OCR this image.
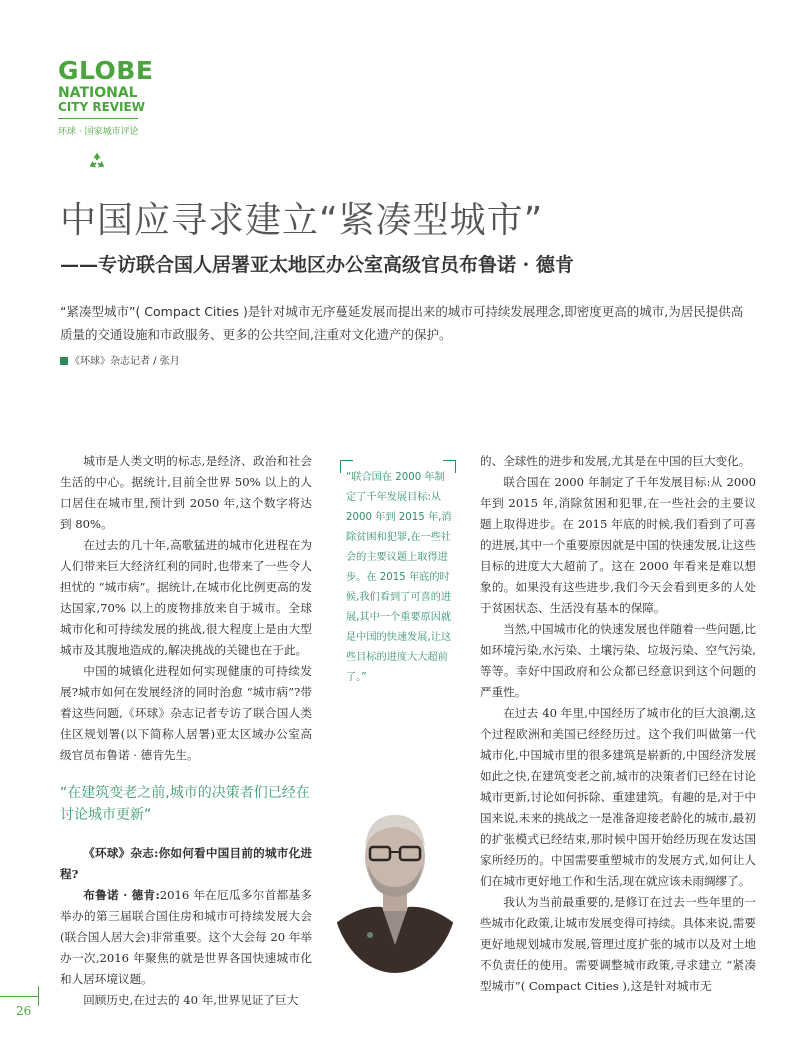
GLOBE
NATIONAL
CITY REVIEW
环球 · 国家城市评论
中国应寻求建立“紧凑型城市”
——专访联合国人居署亚太地区办公室高级官员布鲁诺 · 德肯
“紧凑型城市”( Compact Cities )是针对城市无序蔓延发展而提出来的城市可持续发展理念,即密度更高的城市,为居民提供高质量的交通设施和市政服务、更多的公共空间,注重对文化遗产的保护。
《环球》杂志记者 / 张月

城市是人类文明的标志,是经济、政治和社会生活的中心。据统计,目前全世界 50% 以上的人口居住在城市里,预计到 2050 年,这个数字将达到 80%。

在过去的几十年,高歌猛进的城市化进程在为人们带来巨大经济红利的同时,也带来了一些令人担忧的 “城市病”。据统计,在城市化比例更高的发达国家,70% 以上的废物排放来自于城市。全球城市化和可持续发展的挑战,很大程度上是由大型城市及其腹地造成的,解决挑战的关键也在于此。

中国的城镇化进程如何实现健康的可持续发展?城市如何在发展经济的同时治愈 “城市病”?带着这些问题,《环球》杂志记者专访了联合国人类住区规划署(以下简称人居署)亚太区域办公室高级官员布鲁诺 · 德肯先生。

“在建筑变老之前,城市的决策者们已经在讨论城市更新”

《环球》杂志:你如何看中国目前的城市化进程?

布鲁诺 · 德肯:2016 年在厄瓜多尔首都基多举办的第三届联合国住房和城市可持续发展大会(联合国人居大会)非常重要。这个大会每 20 年举办一次,2016 年聚焦的就是世界各国快速城市化和人居环境议题。

回顾历史,在过去的 40 年,世界见证了巨大

“联合国在 2000 年制定了千年发展目标:从 2000 年到 2015 年,消除贫困和犯罪,在一些社会的主要议题上取得进步。在 2015 年底的时候,我们看到了可喜的进展,其中一个重要原因就是中国的快速发展,让这些目标的进度大大超前了。”

的、全球性的进步和发展,尤其是在中国的巨大变化。

联合国在 2000 年制定了千年发展目标:从 2000 年到 2015 年,消除贫困和犯罪,在一些社会的主要议题上取得进步。在 2015 年底的时候,我们看到了可喜的进展,其中一个重要原因就是中国的快速发展,让这些目标的进度大大超前了。这在 2000 年看来是难以想象的。如果没有这些进步,我们今天会看到更多的人处于贫困状态、生活没有基本的保障。

当然,中国城市化的快速发展也伴随着一些问题,比如环境污染,水污染、土壤污染、垃圾污染、空气污染,等等。幸好中国政府和公众都已经意识到这个问题的严重性。

在过去 40 年里,中国经历了城市化的巨大浪潮,这个过程欧洲和美国已经经历过。这个我们叫做第一代城市化,中国城市里的很多建筑是崭新的,中国经济发展如此之快,在建筑变老之前,城市的决策者们已经在讨论城市更新,讨论如何拆除、重建建筑。有趣的是,对于中国来说,未来的挑战之一是准备迎接老龄化的城市,最初的扩张模式已经结束,那时候中国开始经历现在发达国家所经历的。中国需要重塑城市的发展方式,如何让人们在城市更好地工作和生活,现在就应该未雨绸缪了。

我认为当前最重要的,是修订在过去一些年里的一些城市化政策,让城市发展变得可持续。具体来说,需要更好地规划城市发展,管理过度扩张的城市以及对土地不负责任的使用。需要调整城市政策,寻求建立 “紧凑型城市”( Compact Cities ),这是针对城市无

26
